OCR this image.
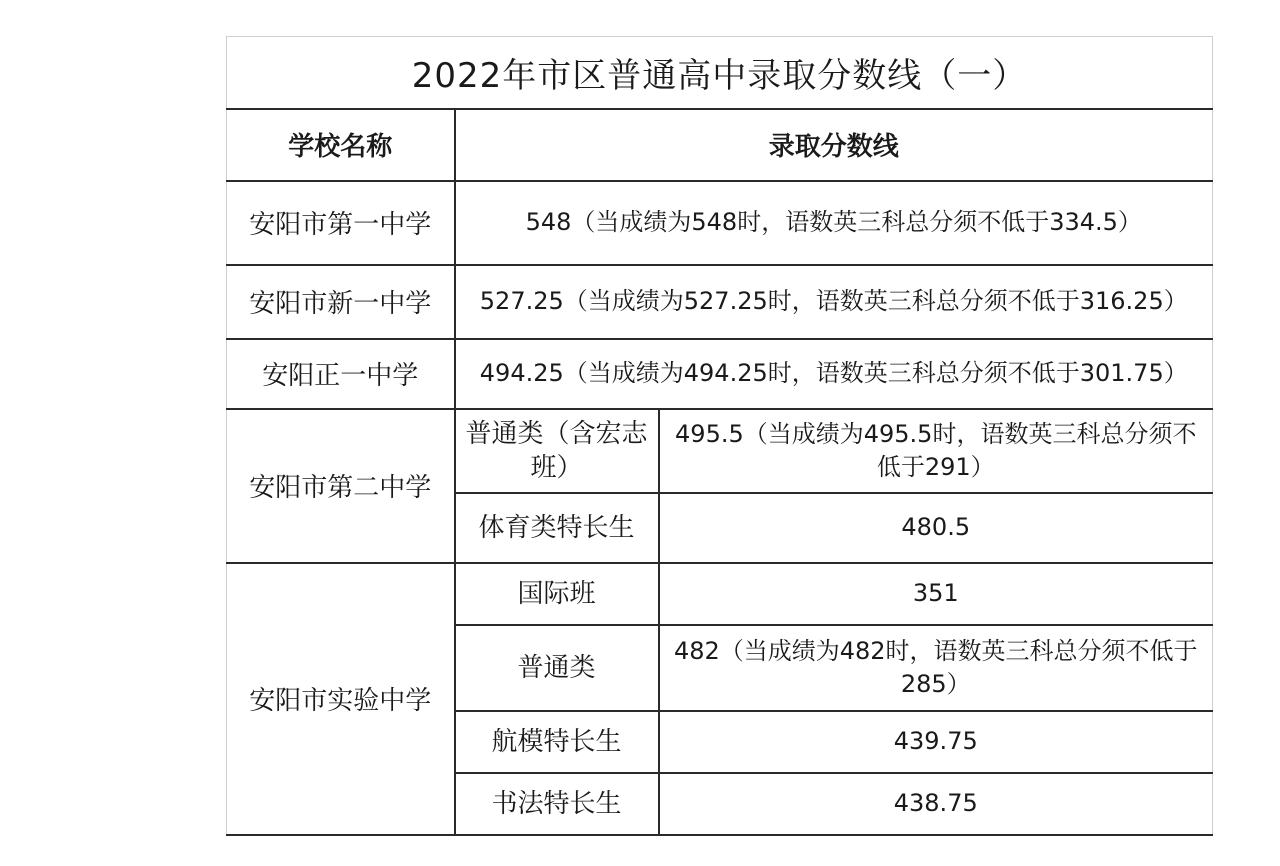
2022年市区普通高中录取分数线（一）		
学校名称	录取分数线	
安阳市第一中学	548（当成绩为548时，语数英三科总分须不低于334.5）	
安阳市新一中学	527.25（当成绩为527.25时，语数英三科总分须不低于316.25）	
安阳正一中学	494.25（当成绩为494.25时，语数英三科总分须不低于301.75）	
安阳市第二中学	普通类（含宏志班）	495.5（当成绩为495.5时，语数英三科总分须不低于291）
	体育类特长生	480.5
安阳市实验中学	国际班	351
	普通类	482（当成绩为482时，语数英三科总分须不低于285）
	航模特长生	439.75
	书法特长生	438.75
